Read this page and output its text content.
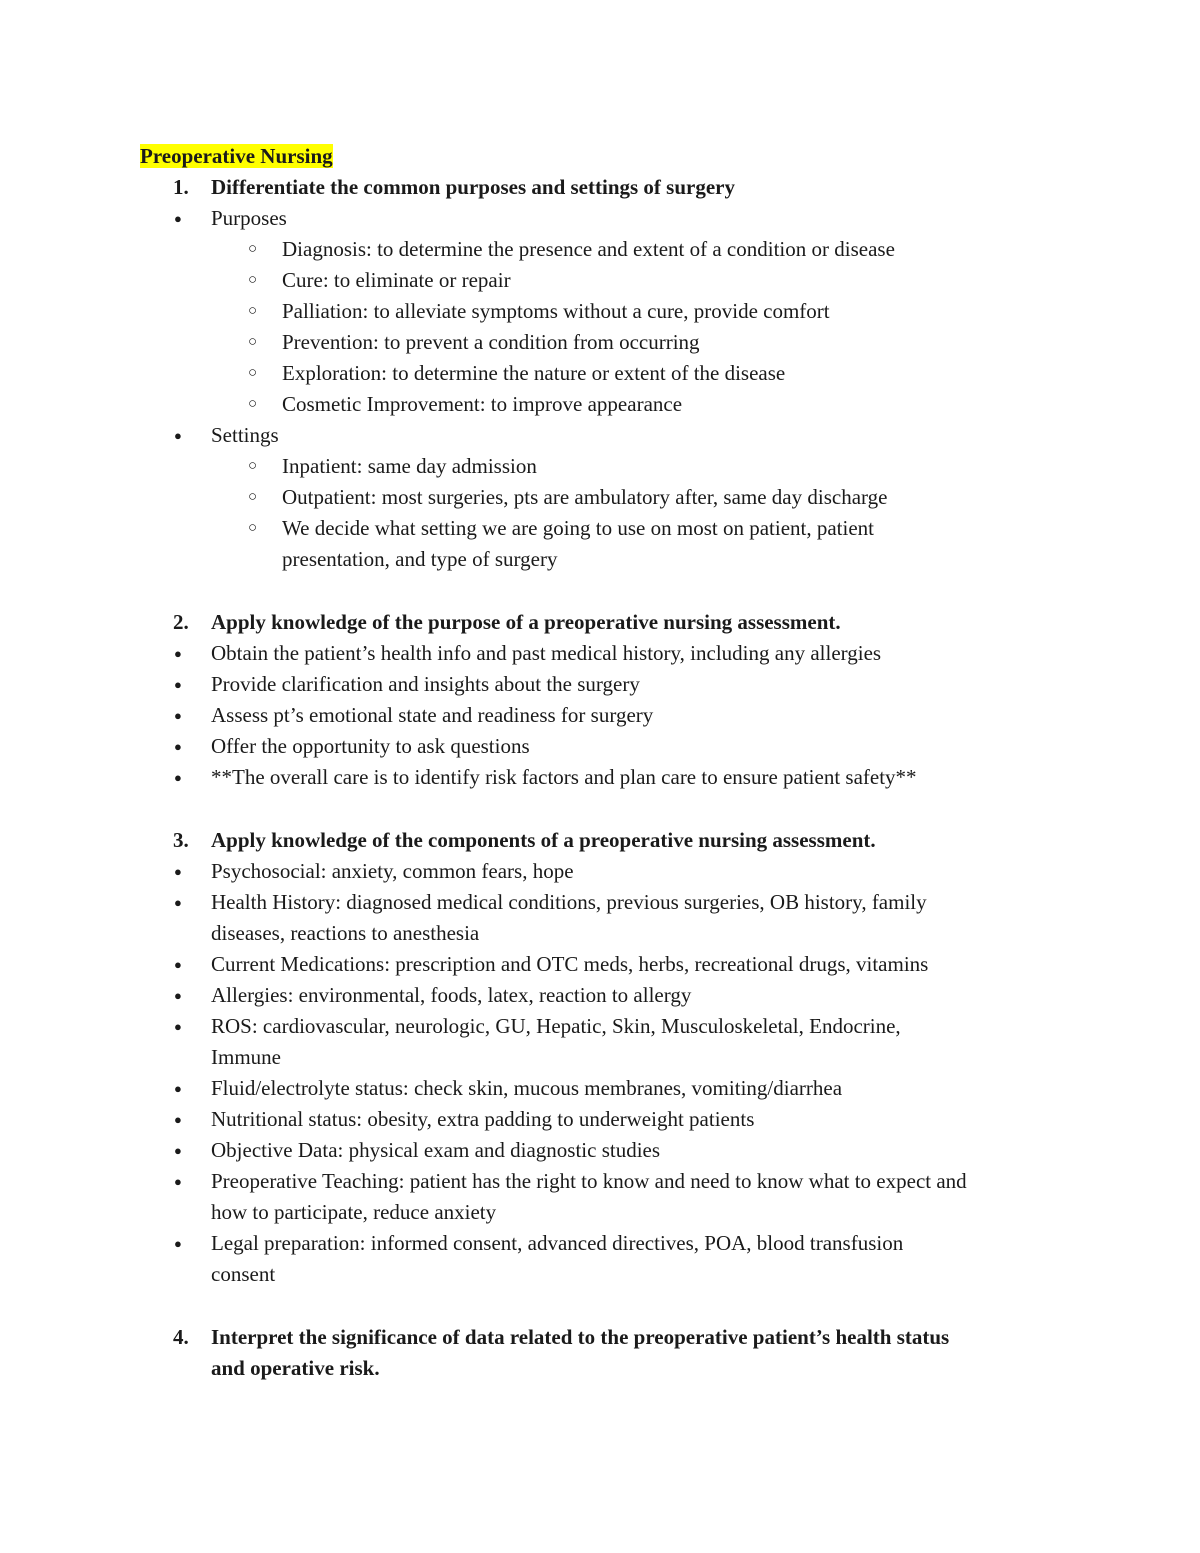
Preoperative Nursing
1. Differentiate the common purposes and settings of surgery
● Purposes
○ Diagnosis: to determine the presence and extent of a condition or disease
○ Cure: to eliminate or repair
○ Palliation: to alleviate symptoms without a cure, provide comfort
○ Prevention: to prevent a condition from occurring
○ Exploration: to determine the nature or extent of the disease
○ Cosmetic Improvement: to improve appearance
● Settings
○ Inpatient: same day admission
○ Outpatient: most surgeries, pts are ambulatory after, same day discharge
○ We decide what setting we are going to use on most on patient, patient
presentation, and type of surgery
2. Apply knowledge of the purpose of a preoperative nursing assessment.
● Obtain the patient’s health info and past medical history, including any allergies
● Provide clarification and insights about the surgery
● Assess pt’s emotional state and readiness for surgery
● Offer the opportunity to ask questions
● **The overall care is to identify risk factors and plan care to ensure patient safety**
3. Apply knowledge of the components of a preoperative nursing assessment.
● Psychosocial: anxiety, common fears, hope
● Health History: diagnosed medical conditions, previous surgeries, OB history, family
diseases, reactions to anesthesia
● Current Medications: prescription and OTC meds, herbs, recreational drugs, vitamins
● Allergies: environmental, foods, latex, reaction to allergy
● ROS: cardiovascular, neurologic, GU, Hepatic, Skin, Musculoskeletal, Endocrine,
Immune
● Fluid/electrolyte status: check skin, mucous membranes, vomiting/diarrhea
● Nutritional status: obesity, extra padding to underweight patients
● Objective Data: physical exam and diagnostic studies
● Preoperative Teaching: patient has the right to know and need to know what to expect and
how to participate, reduce anxiety
● Legal preparation: informed consent, advanced directives, POA, blood transfusion
consent
4. Interpret the significance of data related to the preoperative patient’s health status
and operative risk.
